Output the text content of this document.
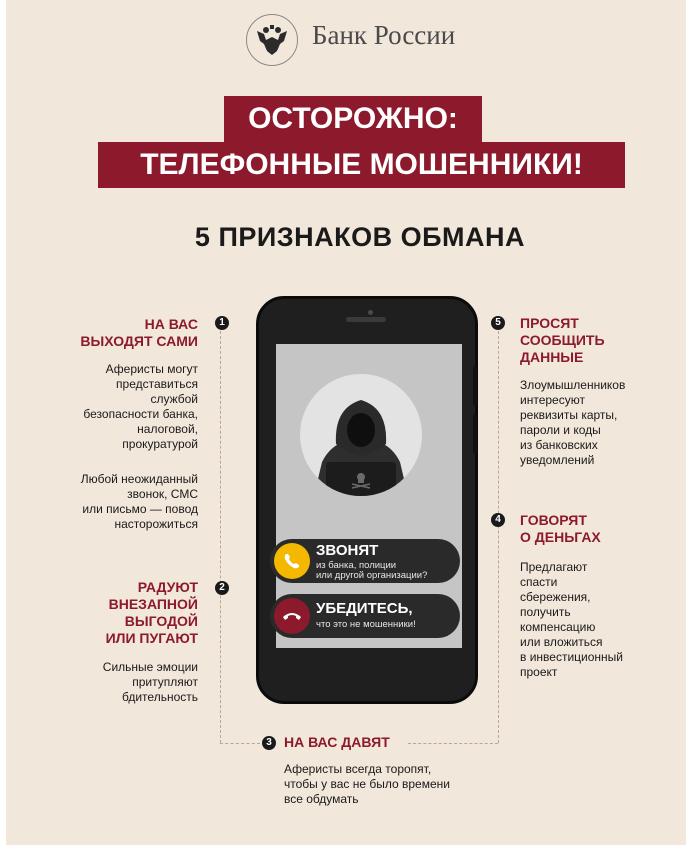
Банк России
ОСТОРОЖНО:
ТЕЛЕФОННЫЕ МОШЕННИКИ!
5 ПРИЗНАКОВ ОБМАНА
ЗВОНЯТ
из банка, полиции
или другой организации?
УБЕДИТЕСЬ,
что это не мошенники!
1
НА ВАС
ВЫХОДЯТ САМИ
Аферисты могут
представиться
службой
безопасности банка,
налоговой,
прокуратурой
Любой неожиданный
звонок, СМС
или письмо — повод
насторожиться
2
РАДУЮТ
ВНЕЗАПНОЙ
ВЫГОДОЙ
ИЛИ ПУГАЮТ
Сильные эмоции
притупляют
бдительность
3 НА ВАС ДАВЯТ
Аферисты всегда торопят,
чтобы у вас не было времени
все обдумать
4	ГОВОРЯТ
О ДЕНЬГАХ
Предлагают
спасти
сбережения,
получить
компенсацию
или вложиться
в инвестиционный
проект
5	ПРОСЯТ
СООБЩИТЬ
ДАННЫЕ
Злоумышленников
интересуют
реквизиты карты,
пароли и коды
из банковских
уведомлений
